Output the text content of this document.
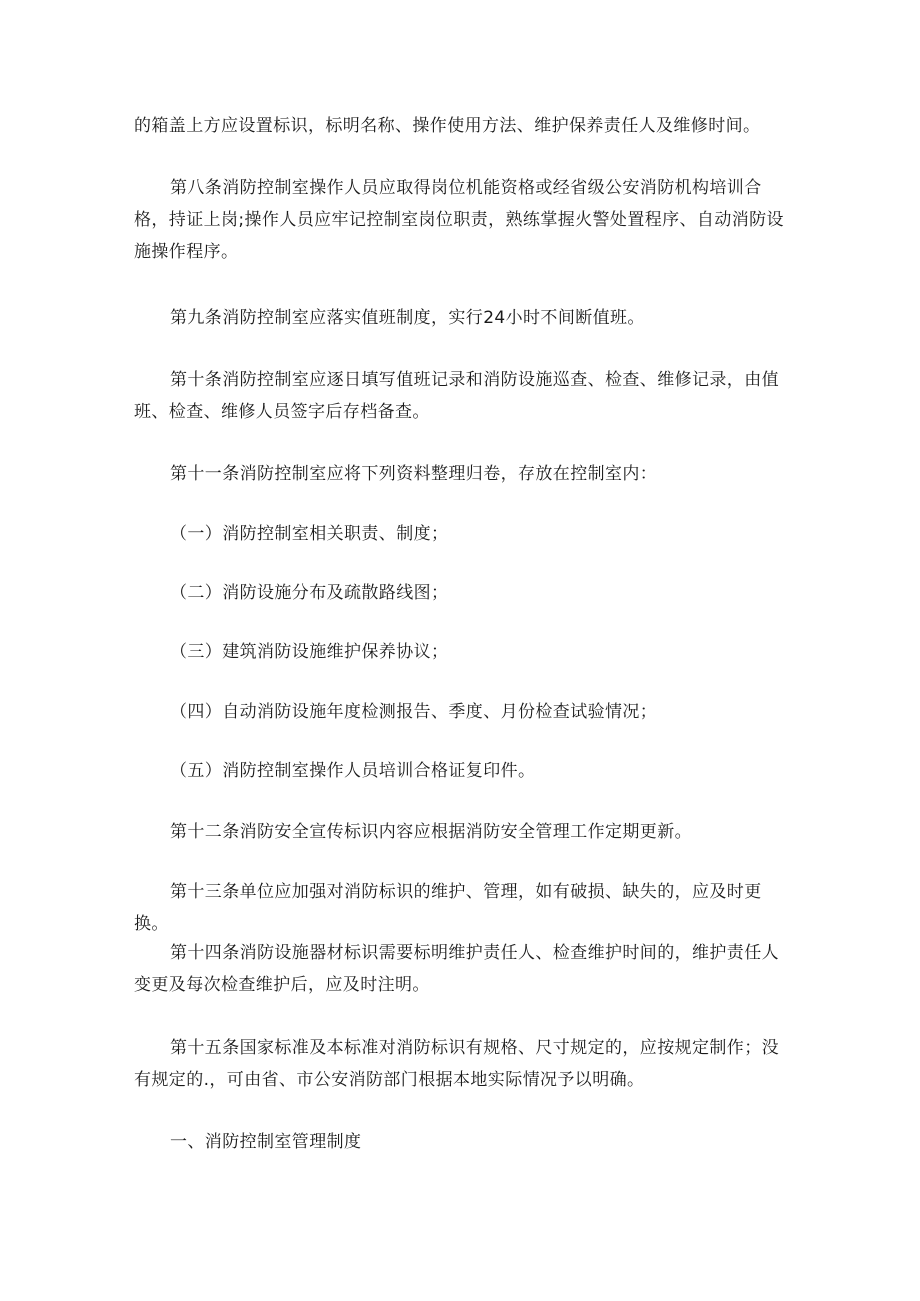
的箱盖上方应设置标识，标明名称、操作使用方法、维护保养责任人及维修时间。

第八条消防控制室操作人员应取得岗位机能资格或经省级公安消防机构培训合格，持证上岗;操作人员应牢记控制室岗位职责，熟练掌握火警处置程序、自动消防设施操作程序。

第九条消防控制室应落实值班制度，实行24小时不间断值班。

第十条消防控制室应逐日填写值班记录和消防设施巡查、检查、维修记录，由值班、检查、维修人员签字后存档备查。

第十一条消防控制室应将下列资料整理归卷，存放在控制室内：

（一）消防控制室相关职责、制度；

（二）消防设施分布及疏散路线图；

（三）建筑消防设施维护保养协议；

（四）自动消防设施年度检测报告、季度、月份检查试验情况；

（五）消防控制室操作人员培训合格证复印件。

第十二条消防安全宣传标识内容应根据消防安全管理工作定期更新。

第十三条单位应加强对消防标识的维护、管理，如有破损、缺失的，应及时更换。

第十四条消防设施器材标识需要标明维护责任人、检查维护时间的，维护责任人变更及每次检查维护后，应及时注明。

第十五条国家标准及本标准对消防标识有规格、尺寸规定的，应按规定制作；没有规定的.，可由省、市公安消防部门根据本地实际情况予以明确。

一、消防控制室管理制度
